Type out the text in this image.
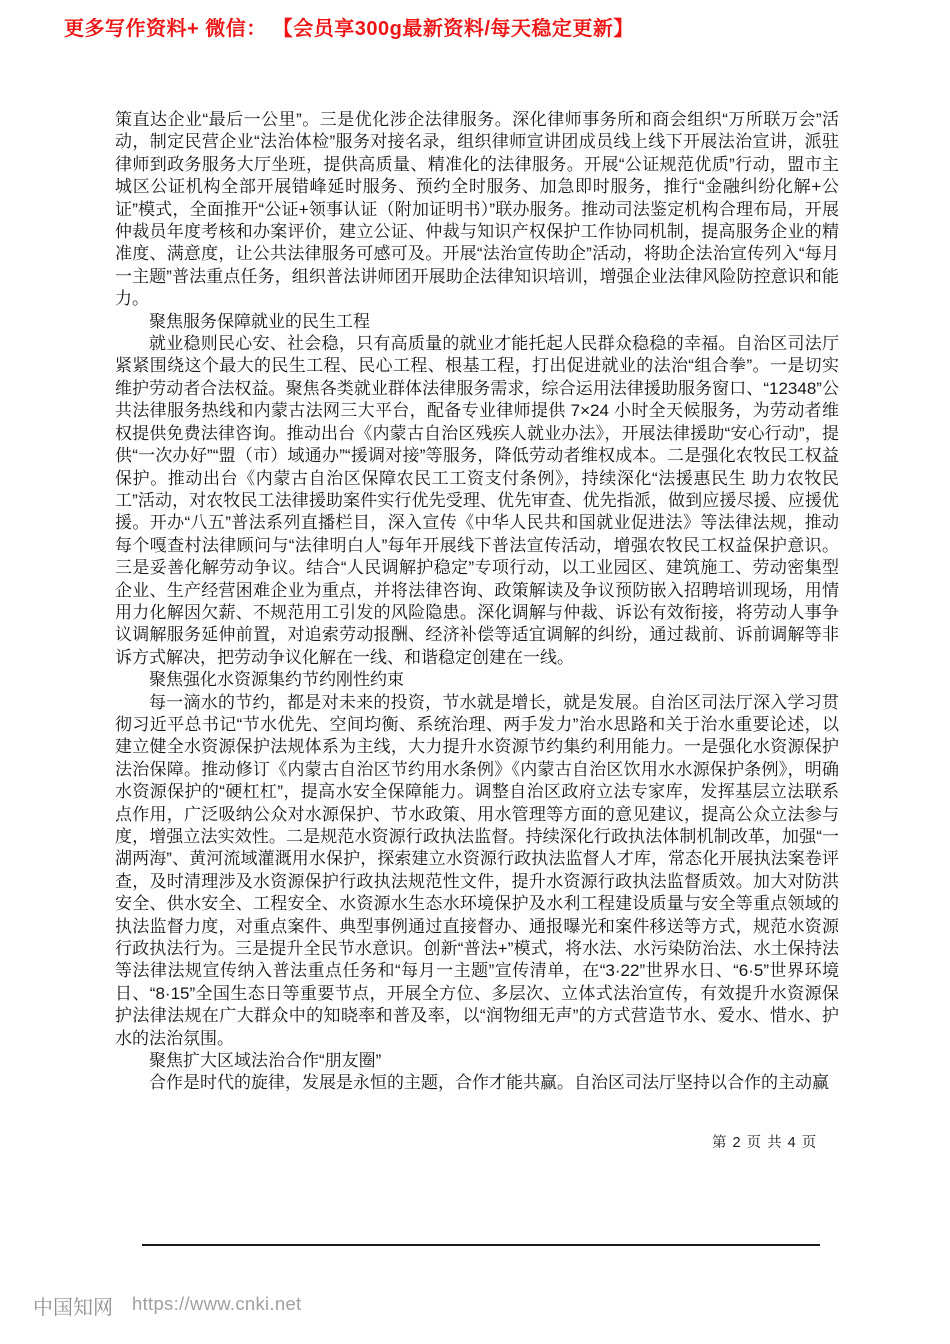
更多写作资料+ 微信： 【会员享300g最新资料/每天稳定更新】

策直达企业“最后一公里”。三是优化涉企法律服务。深化律师事务所和商会组织“万所联万会”活动，制定民营企业“法治体检”服务对接名录，组织律师宣讲团成员线上线下开展法治宣讲，派驻律师到政务服务大厅坐班，提供高质量、精准化的法律服务。开展“公证规范优质”行动，盟市主城区公证机构全部开展错峰延时服务、预约全时服务、加急即时服务，推行“金融纠纷化解+公证”模式，全面推开“公证+领事认证（附加证明书）”联办服务。推动司法鉴定机构合理布局，开展仲裁员年度考核和办案评价，建立公证、仲裁与知识产权保护工作协同机制，提高服务企业的精准度、满意度，让公共法律服务可感可及。开展“法治宣传助企”活动，将助企法治宣传列入“每月一主题”普法重点任务，组织普法讲师团开展助企法律知识培训，增强企业法律风险防控意识和能力。

聚焦服务保障就业的民生工程

就业稳则民心安、社会稳，只有高质量的就业才能托起人民群众稳稳的幸福。自治区司法厅紧紧围绕这个最大的民生工程、民心工程、根基工程，打出促进就业的法治“组合拳”。一是切实维护劳动者合法权益。聚焦各类就业群体法律服务需求，综合运用法律援助服务窗口、“12348”公共法律服务热线和内蒙古法网三大平台，配备专业律师提供 7×24 小时全天候服务，为劳动者维权提供免费法律咨询。推动出台《内蒙古自治区残疾人就业办法》，开展法律援助“安心行动”，提供“一次办好”“盟（市）域通办”“援调对接”等服务，降低劳动者维权成本。二是强化农牧民工权益保护。推动出台《内蒙古自治区保障农民工工资支付条例》，持续深化“法援惠民生 助力农牧民工”活动，对农牧民工法律援助案件实行优先受理、优先审查、优先指派，做到应援尽援、应援优援。开办“八五”普法系列直播栏目，深入宣传《中华人民共和国就业促进法》等法律法规，推动每个嘎查村法律顾问与“法律明白人”每年开展线下普法宣传活动，增强农牧民工权益保护意识。三是妥善化解劳动争议。结合“人民调解护稳定”专项行动，以工业园区、建筑施工、劳动密集型企业、生产经营困难企业为重点，并将法律咨询、政策解读及争议预防嵌入招聘培训现场，用情用力化解因欠薪、不规范用工引发的风险隐患。深化调解与仲裁、诉讼有效衔接，将劳动人事争议调解服务延伸前置，对追索劳动报酬、经济补偿等适宜调解的纠纷，通过裁前、诉前调解等非诉方式解决，把劳动争议化解在一线、和谐稳定创建在一线。

聚焦强化水资源集约节约刚性约束

每一滴水的节约，都是对未来的投资，节水就是增长，就是发展。自治区司法厅深入学习贯彻习近平总书记“节水优先、空间均衡、系统治理、两手发力”治水思路和关于治水重要论述，以建立健全水资源保护法规体系为主线，大力提升水资源节约集约利用能力。一是强化水资源保护法治保障。推动修订《内蒙古自治区节约用水条例》《内蒙古自治区饮用水水源保护条例》，明确水资源保护的“硬杠杠”，提高水安全保障能力。调整自治区政府立法专家库，发挥基层立法联系点作用，广泛吸纳公众对水源保护、节水政策、用水管理等方面的意见建议，提高公众立法参与度，增强立法实效性。二是规范水资源行政执法监督。持续深化行政执法体制机制改革，加强“一湖两海”、黄河流域灌溉用水保护，探索建立水资源行政执法监督人才库，常态化开展执法案卷评查，及时清理涉及水资源保护行政执法规范性文件，提升水资源行政执法监督质效。加大对防洪安全、供水安全、工程安全、水资源水生态水环境保护及水利工程建设质量与安全等重点领域的执法监督力度，对重点案件、典型事例通过直接督办、通报曝光和案件移送等方式，规范水资源行政执法行为。三是提升全民节水意识。创新“普法+”模式，将水法、水污染防治法、水土保持法等法律法规宣传纳入普法重点任务和“每月一主题”宣传清单，在“3·22”世界水日、“6·5”世界环境日、“8·15”全国生态日等重要节点，开展全方位、多层次、立体式法治宣传，有效提升水资源保护法律法规在广大群众中的知晓率和普及率，以“润物细无声”的方式营造节水、爱水、惜水、护水的法治氛围。

聚焦扩大区域法治合作“朋友圈”

合作是时代的旋律，发展是永恒的主题，合作才能共赢。自治区司法厅坚持以合作的主动赢

第 2 页 共 4 页
中国知网 https://www.cnki.net
